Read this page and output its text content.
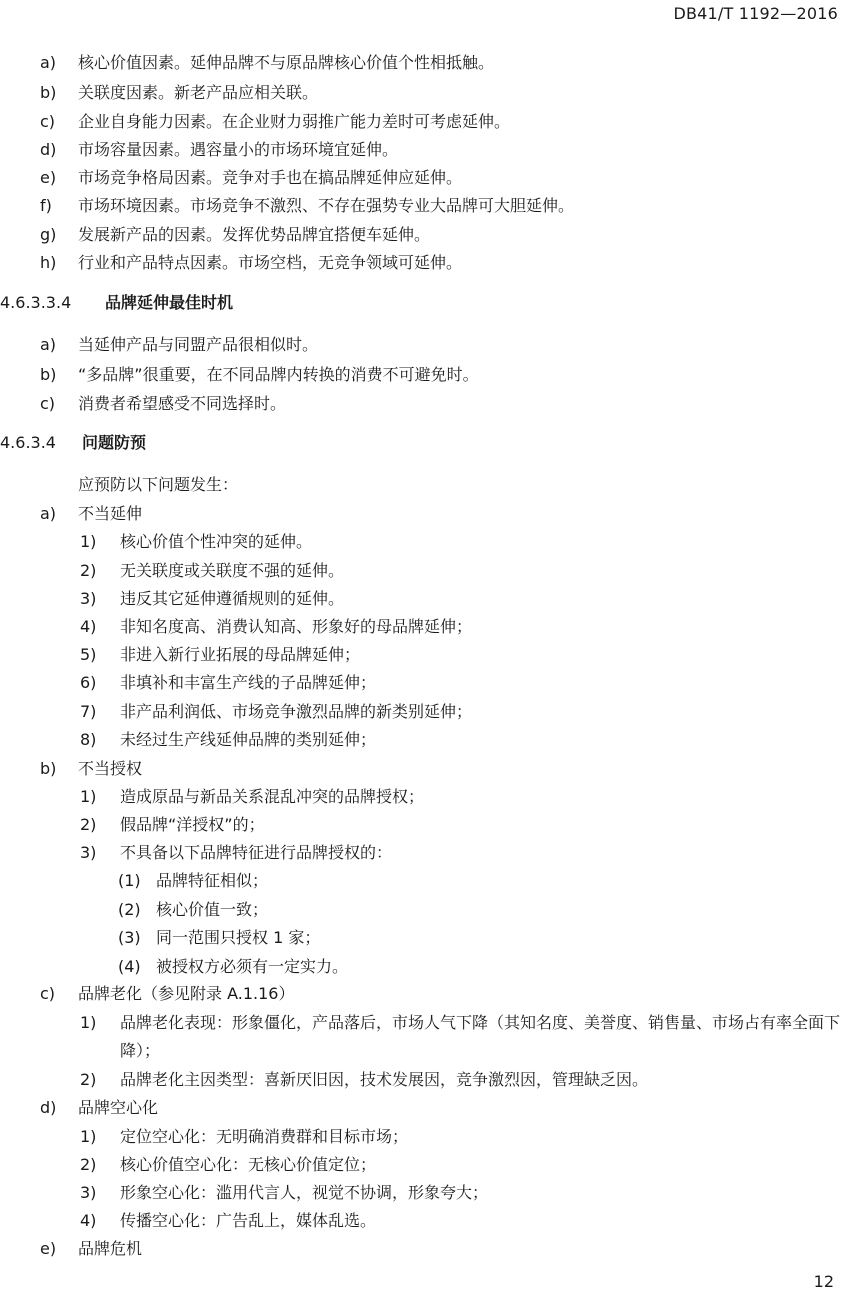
DB41/T 1192—2016
a) 核心价值因素。延伸品牌不与原品牌核心价值个性相抵触。
b) 关联度因素。新老产品应相关联。
c) 企业自身能力因素。在企业财力弱推广能力差时可考虑延伸。
d) 市场容量因素。遇容量小的市场环境宜延伸。
e) 市场竞争格局因素。竞争对手也在搞品牌延伸应延伸。
f) 市场环境因素。市场竞争不激烈、不存在强势专业大品牌可大胆延伸。
g) 发展新产品的因素。发挥优势品牌宜搭便车延伸。
h) 行业和产品特点因素。市场空档，无竞争领域可延伸。
4.6.3.3.4 品牌延伸最佳时机
a) 当延伸产品与同盟产品很相似时。
b) “多品牌”很重要，在不同品牌内转换的消费不可避免时。
c) 消费者希望感受不同选择时。
4.6.3.4 问题防预
应预防以下问题发生：
a) 不当延伸
1) 核心价值个性冲突的延伸。
2) 无关联度或关联度不强的延伸。
3) 违反其它延伸遵循规则的延伸。
4) 非知名度高、消费认知高、形象好的母品牌延伸；
5) 非进入新行业拓展的母品牌延伸；
6) 非填补和丰富生产线的子品牌延伸；
7) 非产品利润低、市场竞争激烈品牌的新类别延伸；
8) 未经过生产线延伸品牌的类别延伸；
b) 不当授权
1) 造成原品与新品关系混乱冲突的品牌授权；
2) 假品牌“洋授权”的；
3) 不具备以下品牌特征进行品牌授权的：
(1) 品牌特征相似；
(2) 核心价值一致；
(3) 同一范围只授权 1 家；
(4) 被授权方必须有一定实力。
c) 品牌老化（参见附录 A.1.16）
1)	品牌老化表现：形象僵化，产品落后，市场人气下降（其知名度、美誉度、销售量、市场占有率全面下降）；
2) 品牌老化主因类型：喜新厌旧因，技术发展因，竞争激烈因，管理缺乏因。
d) 品牌空心化
1) 定位空心化：无明确消费群和目标市场；
2) 核心价值空心化：无核心价值定位；
3) 形象空心化：滥用代言人，视觉不协调，形象夸大；
4) 传播空心化：广告乱上，媒体乱选。
e) 品牌危机
12
